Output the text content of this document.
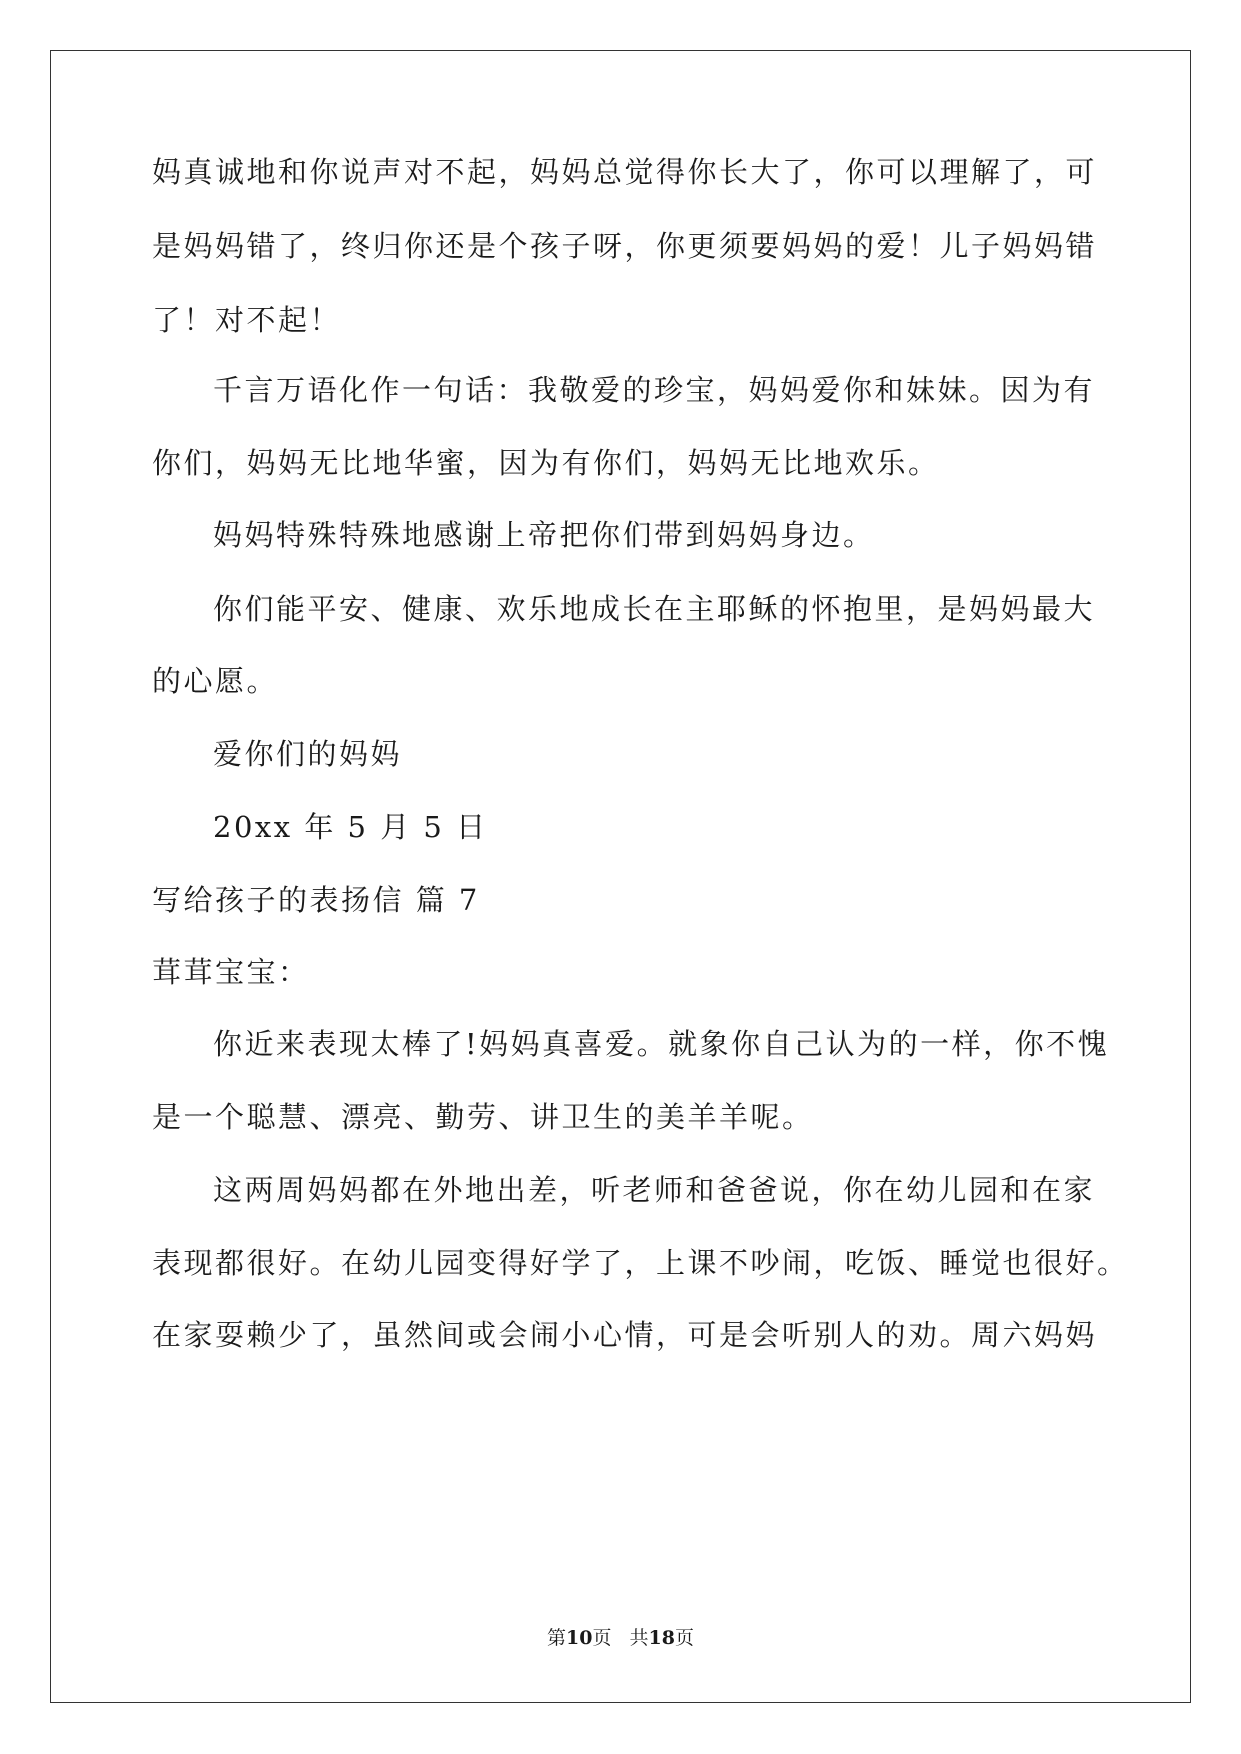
妈真诚地和你说声对不起，妈妈总觉得你长大了，你可以理解了，可
是妈妈错了，终归你还是个孩子呀，你更须要妈妈的爱！儿子妈妈错
了！对不起！
千言万语化作一句话：我敬爱的珍宝，妈妈爱你和妹妹。因为有
你们，妈妈无比地华蜜，因为有你们，妈妈无比地欢乐。
妈妈特殊特殊地感谢上帝把你们带到妈妈身边。
你们能平安、健康、欢乐地成长在主耶稣的怀抱里，是妈妈最大
的心愿。
爱你们的妈妈
20xx 年 5 月 5 日
写给孩子的表扬信 篇 7
茸茸宝宝：
你近来表现太棒了!妈妈真喜爱。就象你自己认为的一样，你不愧
是一个聪慧、漂亮、勤劳、讲卫生的美羊羊呢。
这两周妈妈都在外地出差，听老师和爸爸说，你在幼儿园和在家
表现都很好。在幼儿园变得好学了，上课不吵闹，吃饭、睡觉也很好。
在家耍赖少了，虽然间或会闹小心情，可是会听别人的劝。周六妈妈
第10页 共18页
